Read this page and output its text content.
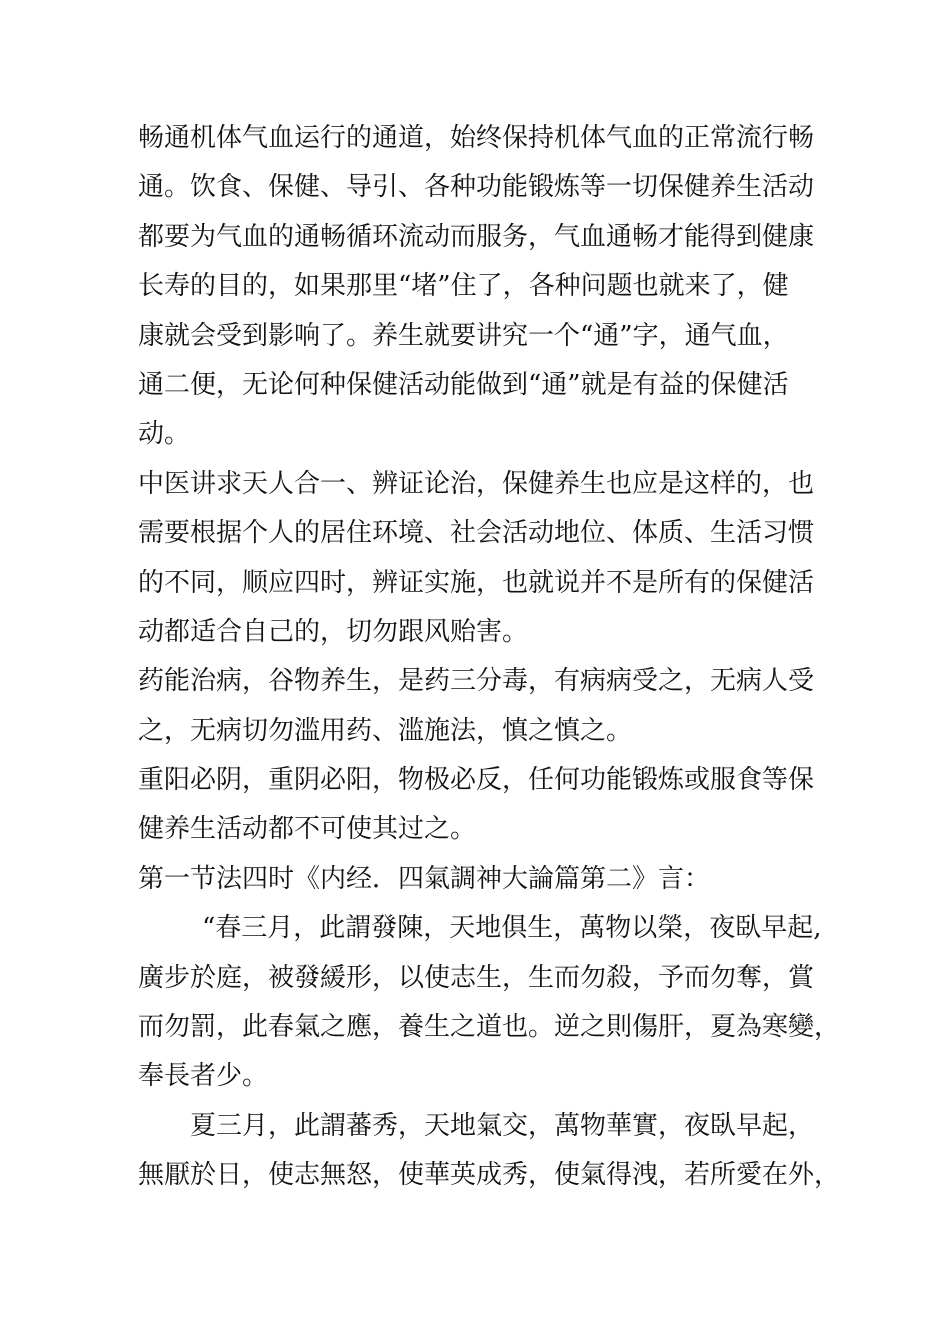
畅通机体气血运行的通道，始终保持机体气血的正常流行畅
通。饮食、保健、导引、各种功能锻炼等一切保健养生活动
都要为气血的通畅循环流动而服务，气血通畅才能得到健康
长寿的目的，如果那里“堵”住了，各种问题也就来了，健
康就会受到影响了。养生就要讲究一个“通”字，通气血，
通二便，无论何种保健活动能做到“通”就是有益的保健活
动。
中医讲求天人合一、辨证论治，保健养生也应是这样的，也
需要根据个人的居住环境、社会活动地位、体质、生活习惯
的不同，顺应四时，辨证实施，也就说并不是所有的保健活
动都适合自己的，切勿跟风贻害。
药能治病，谷物养生，是药三分毒，有病病受之，无病人受
之，无病切勿滥用药、滥施法，慎之慎之。
重阳必阴，重阴必阳，物极必反，任何功能锻炼或服食等保
健养生活动都不可使其过之。
第一节法四时《内经．四氣調神大論篇第二》言：
“春三月，此謂發陳，天地俱生，萬物以榮，夜臥早起,
廣步於庭，被發緩形，以使志生，生而勿殺，予而勿奪，賞
而勿罰，此春氣之應，養生之道也。逆之則傷肝，夏為寒變，
奉長者少。
夏三月，此謂蕃秀，天地氣交，萬物華實，夜臥早起，
無厭於日，使志無怒，使華英成秀，使氣得洩，若所愛在外，
